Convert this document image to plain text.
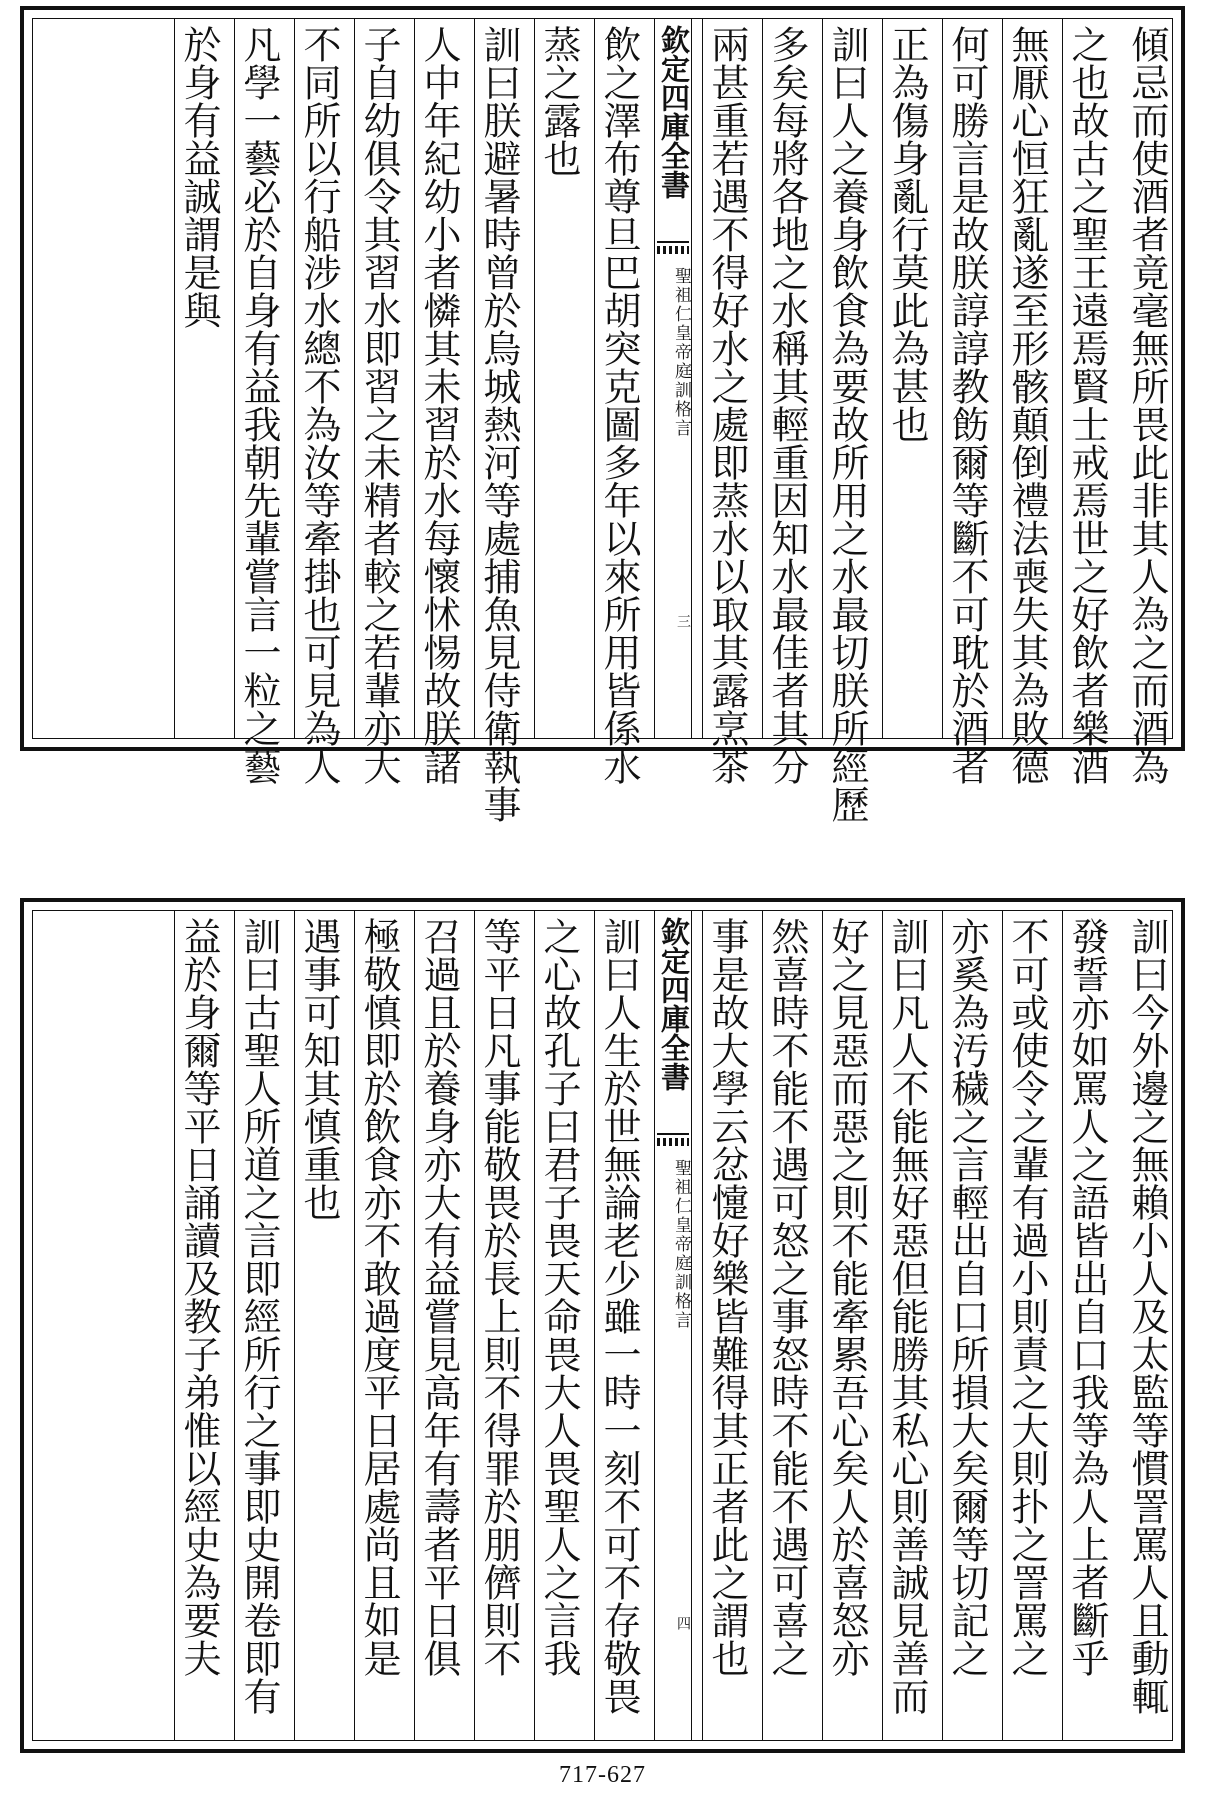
傾忌而使酒者竟毫無所畏此非其人為之而酒為
之也故古之聖王遠焉賢士戒焉世之好飲者樂酒
無厭心恒狂亂遂至形骸顛倒禮法喪失其為敗德
何可勝言是故朕諄諄教飭爾等斷不可耽於酒者
正為傷身亂行莫此為甚也
訓曰人之養身飲食為要故所用之水最切朕所經歷
多矣每將各地之水稱其輕重因知水最佳者其分
兩甚重若遇不得好水之處即蒸水以取其露烹茶
欽定四庫全書
聖祖仁皇帝庭訓格言
三
飲之澤布尊旦巴胡突克圖多年以來所用皆係水
蒸之露也
訓曰朕避暑時曾於烏城熱河等處捕魚見侍衛執事
人中年紀幼小者憐其未習於水每懷怵惕故朕諸
子自幼俱令其習水即習之未精者較之若輩亦大
不同所以行船涉水總不為汝等牽掛也可見為人
凡學一藝必於自身有益我朝先輩嘗言一粒之藝
於身有益誠謂是與
訓曰今外邊之無賴小人及太監等慣詈罵人且動輒
發誓亦如罵人之語皆出自口我等為人上者斷乎
不可或使令之輩有過小則責之大則扑之詈罵之
亦奚為汚穢之言輕出自口所損大矣爾等切記之
訓曰凡人不能無好惡但能勝其私心則善誠見善而
好之見惡而惡之則不能牽累吾心矣人於喜怒亦
然喜時不能不遇可怒之事怒時不能不遇可喜之
事是故大學云忿懥好樂皆難得其正者此之謂也
欽定四庫全書
聖祖仁皇帝庭訓格言
四
訓曰人生於世無論老少雖一時一刻不可不存敬畏
之心故孔子曰君子畏天命畏大人畏聖人之言我
等平日凡事能敬畏於長上則不得罪於朋儕則不
召過且於養身亦大有益嘗見高年有壽者平日俱
極敬慎即於飲食亦不敢過度平日居處尚且如是
遇事可知其慎重也
訓曰古聖人所道之言即經所行之事即史開卷即有
益於身爾等平日誦讀及教子弟惟以經史為要夫
717-627
